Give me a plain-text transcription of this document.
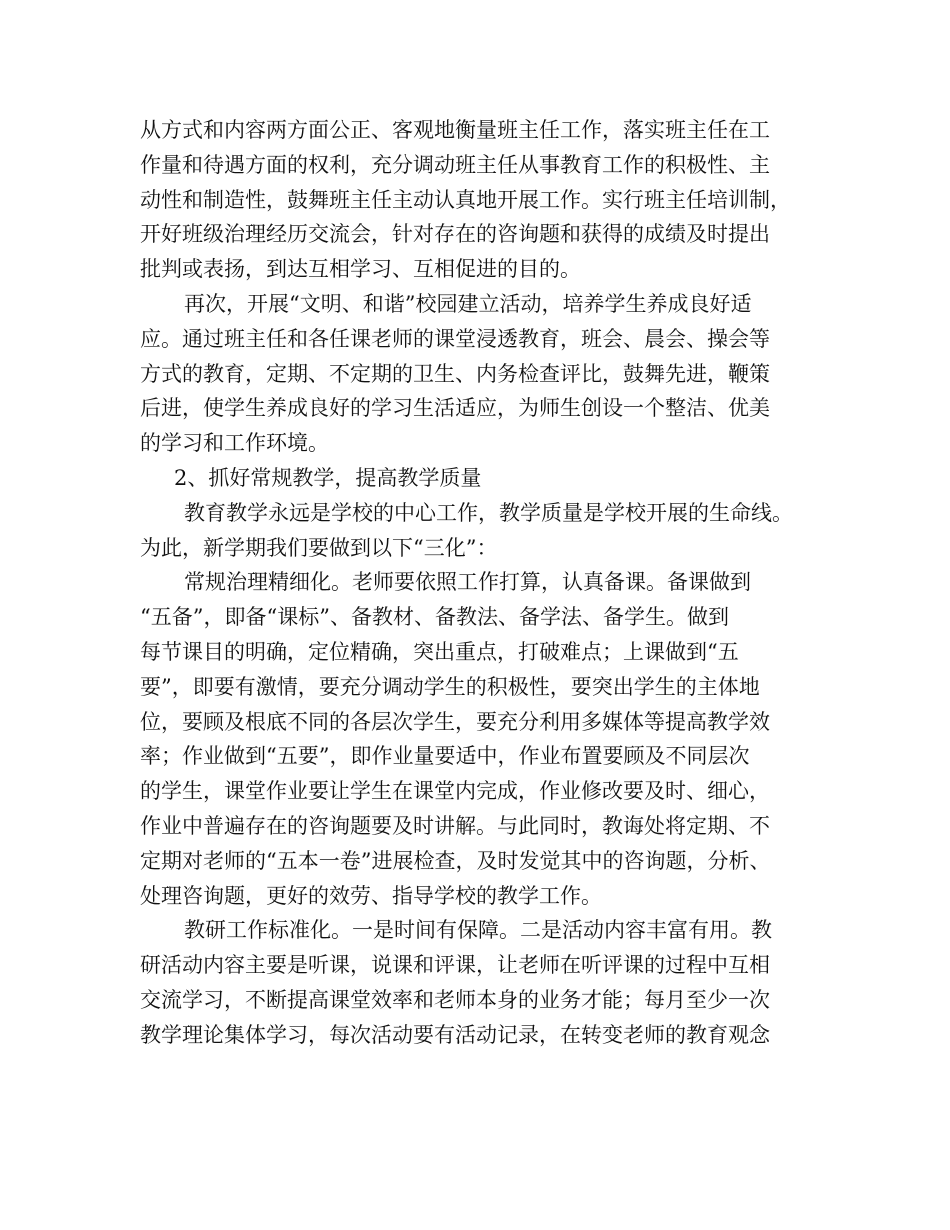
从方式和内容两方面公正、客观地衡量班主任工作，落实班主任在工
作量和待遇方面的权利，充分调动班主任从事教育工作的积极性、主
动性和制造性，鼓舞班主任主动认真地开展工作。实行班主任培训制，
开好班级治理经历交流会，针对存在的咨询题和获得的成绩及时提出
批判或表扬，到达互相学习、互相促进的目的。
再次，开展“文明、和谐”校园建立活动，培养学生养成良好适
应。通过班主任和各任课老师的课堂浸透教育，班会、晨会、操会等
方式的教育，定期、不定期的卫生、内务检查评比，鼓舞先进，鞭策
后进，使学生养成良好的学习生活适应，为师生创设一个整洁、优美
的学习和工作环境。
2、抓好常规教学，提高教学质量
教育教学永远是学校的中心工作，教学质量是学校开展的生命线。
为此，新学期我们要做到以下“三化”：
常规治理精细化。老师要依照工作打算，认真备课。备课做到
“五备”，即备“课标”、备教材、备教法、备学法、备学生。做到
每节课目的明确，定位精确，突出重点，打破难点；上课做到“五
要”，即要有激情，要充分调动学生的积极性，要突出学生的主体地
位，要顾及根底不同的各层次学生，要充分利用多媒体等提高教学效
率；作业做到“五要”，即作业量要适中，作业布置要顾及不同层次
的学生，课堂作业要让学生在课堂内完成，作业修改要及时、细心，
作业中普遍存在的咨询题要及时讲解。与此同时，教诲处将定期、不
定期对老师的“五本一卷”进展检查，及时发觉其中的咨询题，分析、
处理咨询题，更好的效劳、指导学校的教学工作。
教研工作标准化。一是时间有保障。二是活动内容丰富有用。教
研活动内容主要是听课，说课和评课，让老师在听评课的过程中互相
交流学习，不断提高课堂效率和老师本身的业务才能；每月至少一次
教学理论集体学习，每次活动要有活动记录，在转变老师的教育观念
